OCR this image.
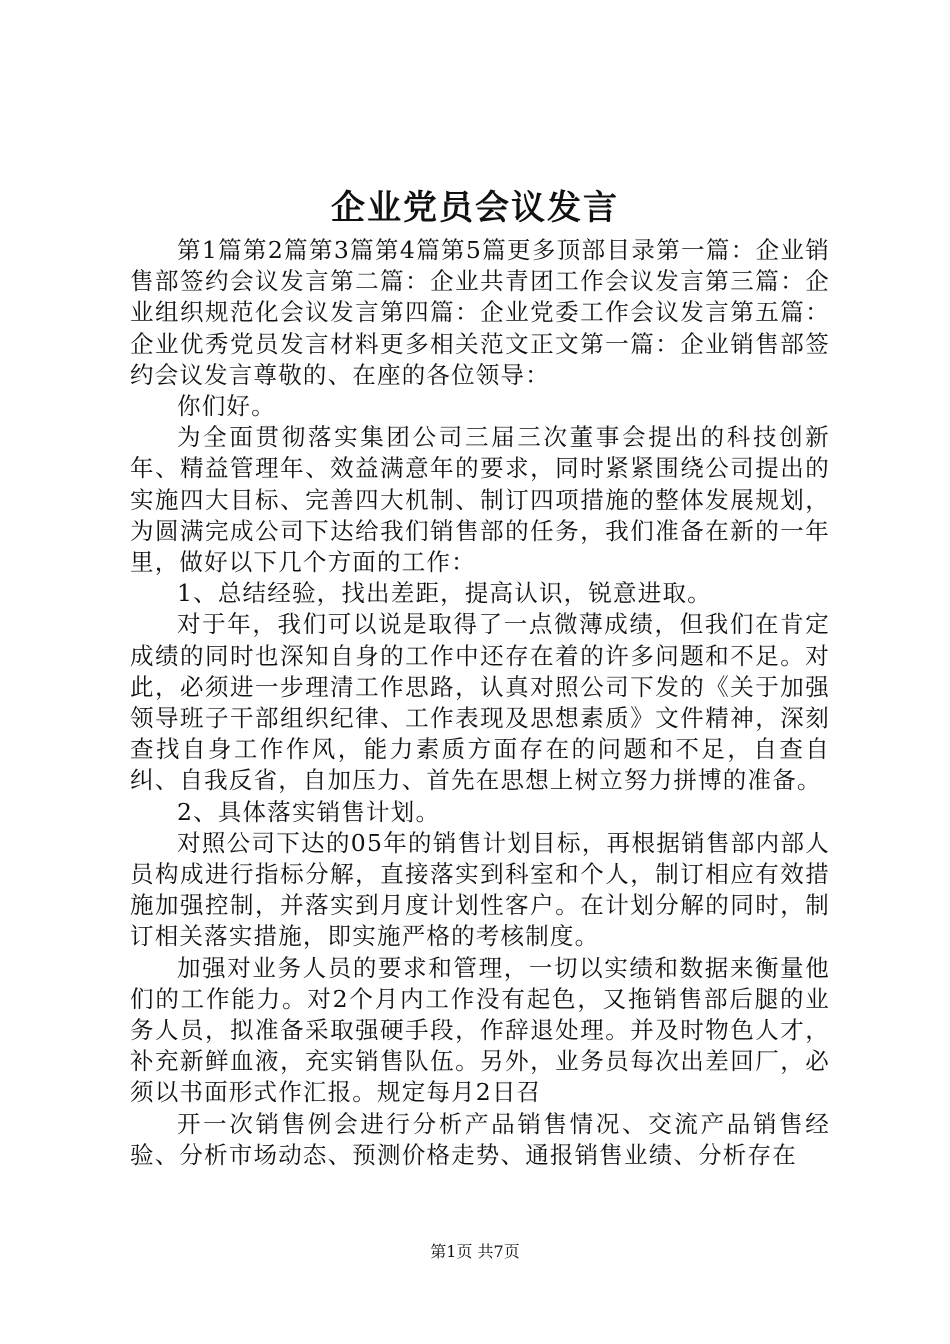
企业党员会议发言

第1篇第2篇第3篇第4篇第5篇更多顶部目录第一篇：企业销售部签约会议发言第二篇：企业共青团工作会议发言第三篇：企业组织规范化会议发言第四篇：企业党委工作会议发言第五篇：企业优秀党员发言材料更多相关范文正文第一篇：企业销售部签约会议发言尊敬的、在座的各位领导：

你们好。

为全面贯彻落实集团公司三届三次董事会提出的科技创新年、精益管理年、效益满意年的要求，同时紧紧围绕公司提出的实施四大目标、完善四大机制、制订四项措施的整体发展规划，为圆满完成公司下达给我们销售部的任务，我们准备在新的一年里，做好以下几个方面的工作：

1、总结经验，找出差距，提高认识，锐意进取。

对于年，我们可以说是取得了一点微薄成绩，但我们在肯定成绩的同时也深知自身的工作中还存在着的许多问题和不足。对此，必须进一步理清工作思路，认真对照公司下发的《关于加强领导班子干部组织纪律、工作表现及思想素质》文件精神，深刻查找自身工作作风，能力素质方面存在的问题和不足，自查自纠、自我反省，自加压力、首先在思想上树立努力拼博的准备。

2、具体落实销售计划。

对照公司下达的05年的销售计划目标，再根据销售部内部人员构成进行指标分解，直接落实到科室和个人，制订相应有效措施加强控制，并落实到月度计划性客户。在计划分解的同时，制订相关落实措施，即实施严格的考核制度。

加强对业务人员的要求和管理，一切以实绩和数据来衡量他们的工作能力。对2个月内工作没有起色，又拖销售部后腿的业务人员，拟准备采取强硬手段，作辞退处理。并及时物色人才，补充新鲜血液，充实销售队伍。另外，业务员每次出差回厂，必须以书面形式作汇报。规定每月2日召

开一次销售例会进行分析产品销售情况、交流产品销售经验、分析市场动态、预测价格走势、通报销售业绩、分析存在

第1页 共7页
